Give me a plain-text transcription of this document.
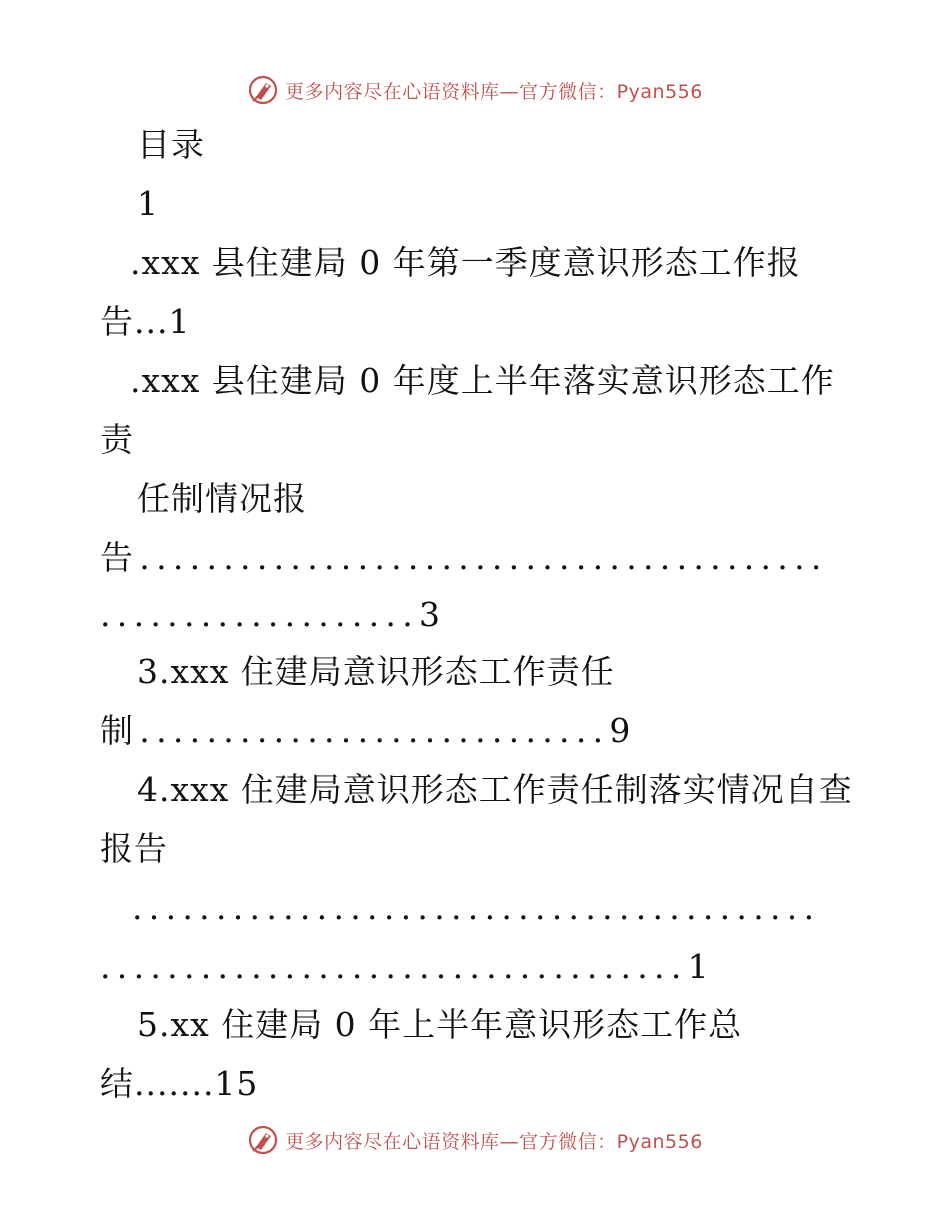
更多内容尽在心语资料库—官方微信：Pyan556
目录
1
.xxx 县住建局 0 年第一季度意识形态工作报
告...1
.xxx 县住建局 0 年度上半年落实意识形态工作
责
任制情况报
告.........................................
...................3
3.xxx 住建局意识形态工作责任
制............................9
4.xxx 住建局意识形态工作责任制落实情况自查
报告
.........................................
...................................1
5.xx 住建局 0 年上半年意识形态工作总
结.......15
更多内容尽在心语资料库—官方微信：Pyan556
